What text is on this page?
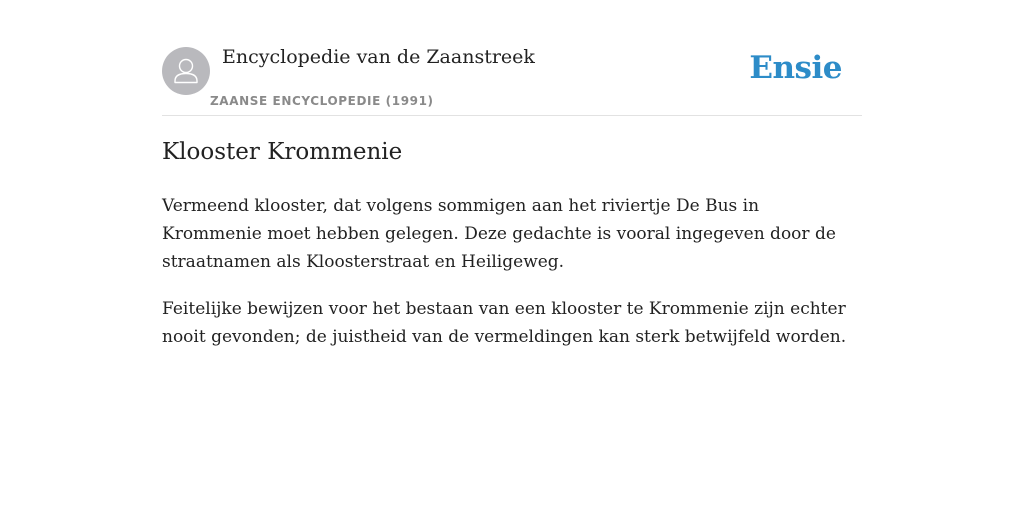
Encyclopedie van de Zaanstreek
ZAANSE ENCYCLOPEDIE (1991)
Ensie
Klooster Krommenie

Vermeend klooster, dat volgens sommigen aan het riviertje De Bus in Krommenie moet hebben gelegen. Deze gedachte is vooral ingegeven door de straatnamen als Kloosterstraat en Heiligeweg.

Feitelijke bewijzen voor het bestaan van een klooster te Krommenie zijn echter nooit gevonden; de juistheid van de vermeldingen kan sterk betwijfeld worden.
